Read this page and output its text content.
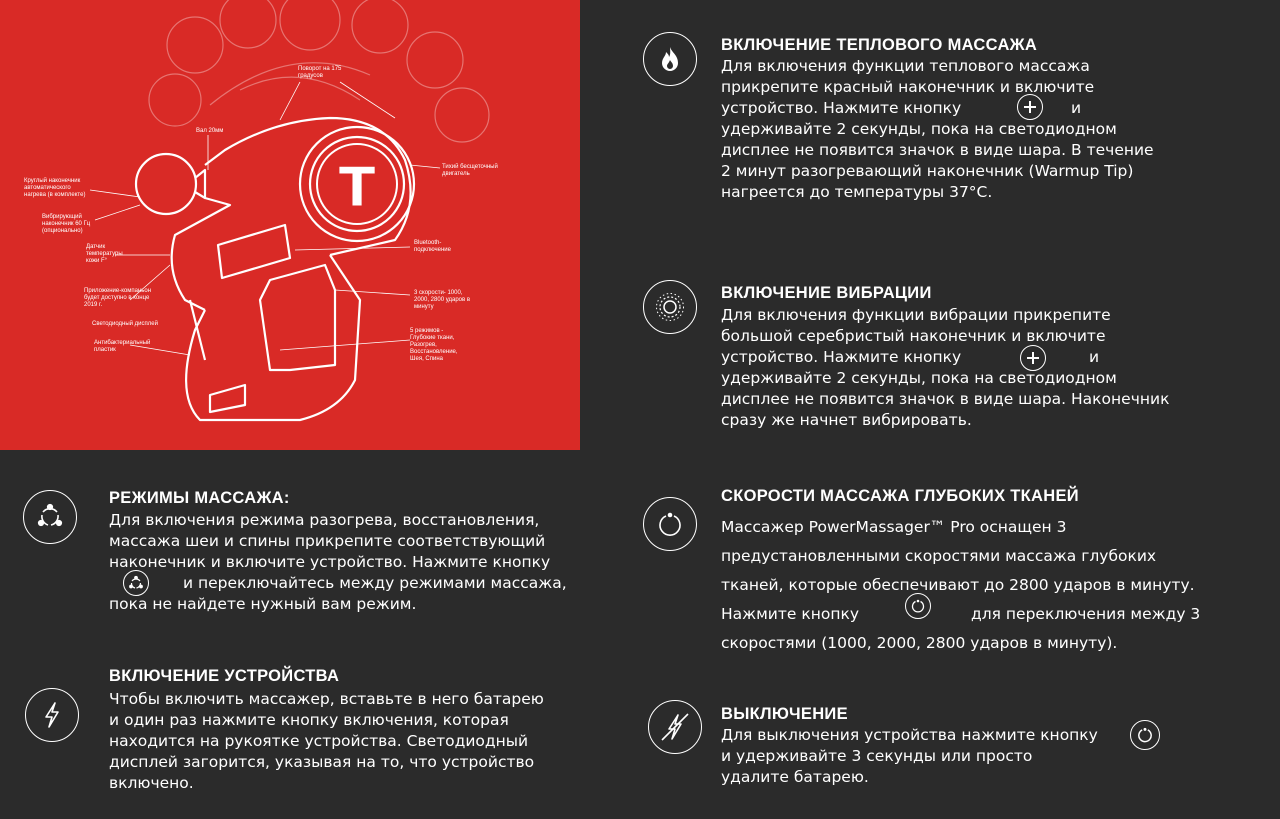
T
Поворот на 175
градусов
Вал 20мм
Круглый наконечник
автоматического
нагрева (в комплекте)
Вибрирующий
наконечник 60 Гц
(опционально)
Датчик
температуры
кожи F°
Приложение-компаньон
будет доступно в конце
2019 г.
Светодиодный дисплей
Антибактериальный
пластик
Тихий бесщеточный
двигатель
Bluetooth-
подключение
3 скорости- 1000,
2000, 2800 ударов в
минуту
5 режимов -
Глубокие ткани,
Разогрев,
Восстановление,
Шея, Спина
ВКЛЮЧЕНИЕ ТЕПЛОВОГО МАССАЖА
Для включения функции теплового массажа
прикрепите красный наконечник и включите
устройство. Нажмите кнопку
удерживайте 2 секунды, пока на светодиодном
дисплее не появится значок в виде шара. В течение
2 минут разогревающий наконечник (Warmup Tip)
нагреется до температуры 37°C.
и
ВКЛЮЧЕНИЕ ВИБРАЦИИ
Для включения функции вибрации прикрепите
большой серебристый наконечник и включите
устройство. Нажмите кнопку
удерживайте 2 секунды, пока на светодиодном
дисплее не появится значок в виде шара. Наконечник
сразу же начнет вибрировать.
и
РЕЖИМЫ МАССАЖА:
Для включения режима разогрева, восстановления,
массажа шеи и спины прикрепите соответствующий
наконечник и включите устройство. Нажмите кнопку
и переключайтесь между режимами массажа,
пока не найдете нужный вам режим.
СКОРОСТИ МАССАЖА ГЛУБОКИХ ТКАНЕЙ
Массажер PowerMassager™ Pro оснащен 3
предустановленными скоростями массажа глубоких
тканей, которые обеспечивают до 2800 ударов в минуту.
Нажмите кнопку	для переключения между 3
скоростями (1000, 2000, 2800 ударов в минуту).
ВКЛЮЧЕНИЕ УСТРОЙСТВА
Чтобы включить массажер, вставьте в него батарею
и один раз нажмите кнопку включения, которая
находится на рукоятке устройства. Светодиодный
дисплей загорится, указывая на то, что устройство
включено.
ВЫКЛЮЧЕНИЕ
Для выключения устройства нажмите кнопку
и удерживайте 3 секунды или просто
удалите батарею.
